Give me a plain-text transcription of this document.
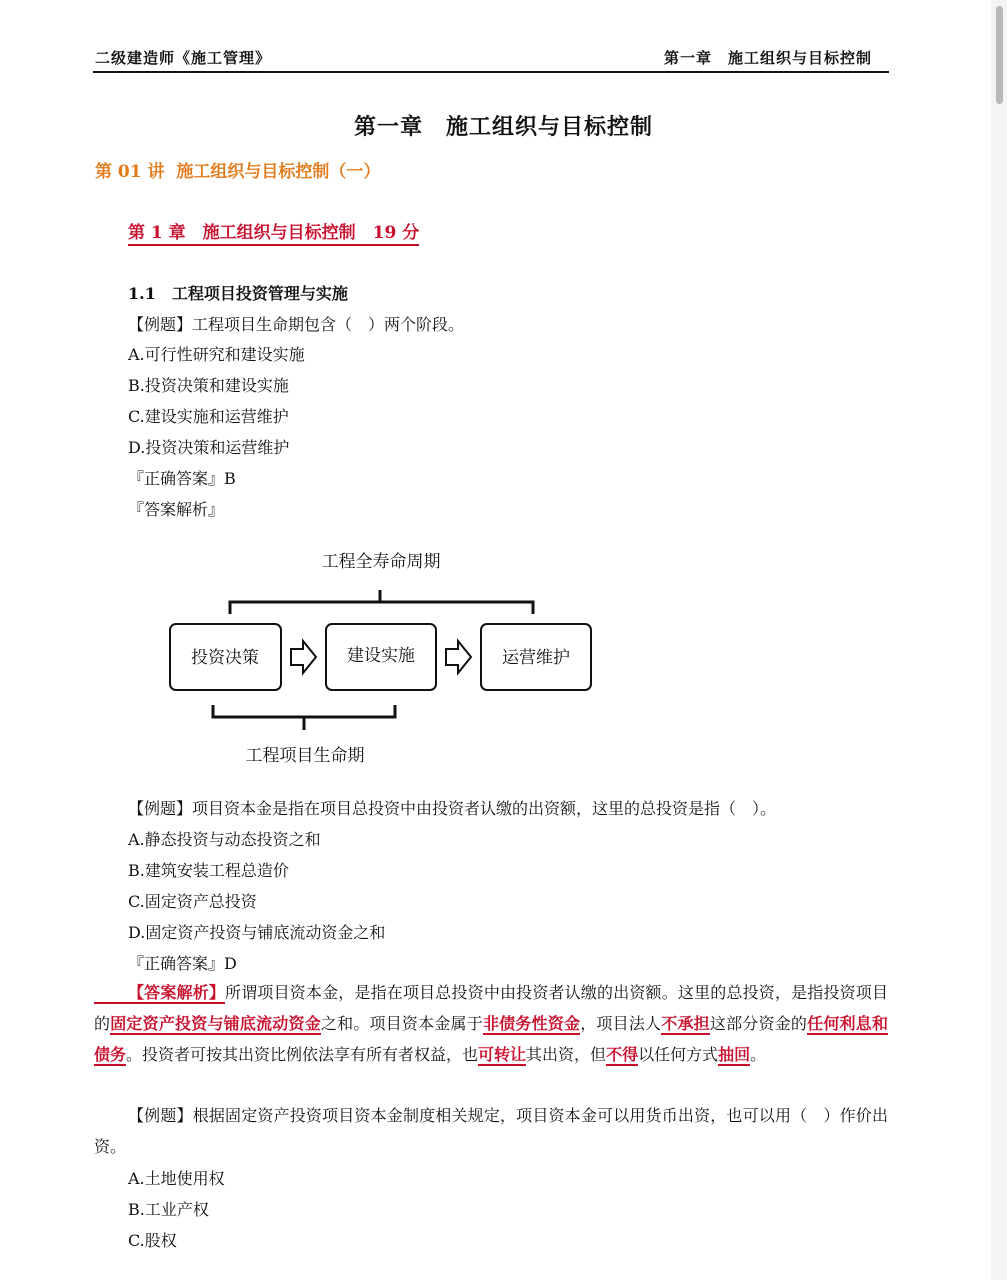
二级建造师《施工管理》	第一章　施工组织与目标控制
第一章　施工组织与目标控制
第 01 讲  施工组织与目标控制（一）
第 1 章　施工组织与目标控制　19 分
1.1　工程项目投资管理与实施
【例题】工程项目生命期包含（　）两个阶段。
A.可行性研究和建设实施
B.投资决策和建设实施
C.建设实施和运营维护
D.投资决策和运营维护
『正确答案』B
『答案解析』
工程全寿命周期
投资决策	建设实施	运营维护
工程项目生命期
【例题】项目资本金是指在项目总投资中由投资者认缴的出资额，这里的总投资是指（　）。
A.静态投资与动态投资之和
B.建筑安装工程总造价
C.固定资产总投资
D.固定资产投资与铺底流动资金之和
『正确答案』D
【答案解析】所谓项目资本金，是指在项目总投资中由投资者认缴的出资额。这里的总投资，是指投资项目的固定资产投资与铺底流动资金之和。项目资本金属于非债务性资金，项目法人不承担这部分资金的任何利息和债务。投资者可按其出资比例依法享有所有者权益，也可转让其出资，但不得以任何方式抽回。
【例题】根据固定资产投资项目资本金制度相关规定，项目资本金可以用货币出资，也可以用（　）作价出资。
A.土地使用权
B.工业产权
C.股权
